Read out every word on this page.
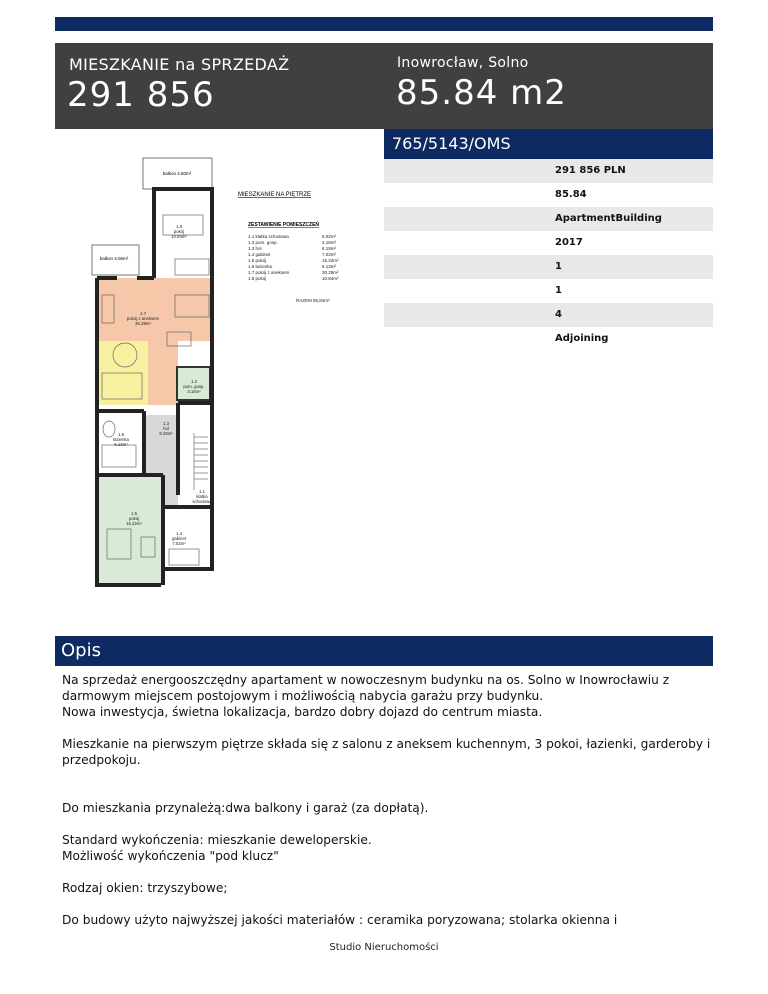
MIESZKANIE na SPRZEDAŻ
291 856
Inowrocław, Solno
85.84 m2
765/5143/OMS
291 856 PLN
85.84
ApartmentBuilding
2017
1
1
4
Adjoining
balkon 4.50m²
balkon 3.06m²
1.8
pokój
10.84m²
1.7
pokój z aneksem
30.29m²
1.2
pom. gosp.
3.16m²
1.6
łazienka
6.13m²
1.3
hol
8.19m²
1.1
klatka
schodowa
5.02m²
1.5
pokój
15.22m²
1.4
gabinet
7.02m²
MIESZKANIE NA PIĘTRZE
ZESTAWIENIE POMIESZCZEŃ
1.1 klatka schodowa	5.02m²
1.2 pom. gosp.	3.16m²
1.3 hol	8.19m²
1.4 gabinet	7.02m²
1.5 pokój	15.22m²
1.6 łazienka	6.13m²
1.7 pokój z aneksem	30.29m²
1.8 pokój	10.84m²
RAZEM 85,84m²
Opis

Na sprzedaż energooszczędny apartament w nowoczesnym budynku na os. Solno w Inowrocławiu z darmowym miejscem postojowym i możliwością nabycia garażu przy budynku.
Nowa inwestycja, świetna lokalizacja, bardzo dobry dojazd do centrum miasta.

Mieszkanie na pierwszym piętrze składa się z salonu z aneksem kuchennym, 3 pokoi, łazienki, garderoby i przedpokoju.

Do mieszkania przynależą:dwa balkony i garaż (za dopłatą).

Standard wykończenia: mieszkanie deweloperskie.
Możliwość wykończenia "pod klucz"

Rodzaj okien: trzyszybowe;

Do budowy użyto najwyższej jakości materiałów : ceramika poryzowana; stolarka okienna i

Studio Nieruchomości
